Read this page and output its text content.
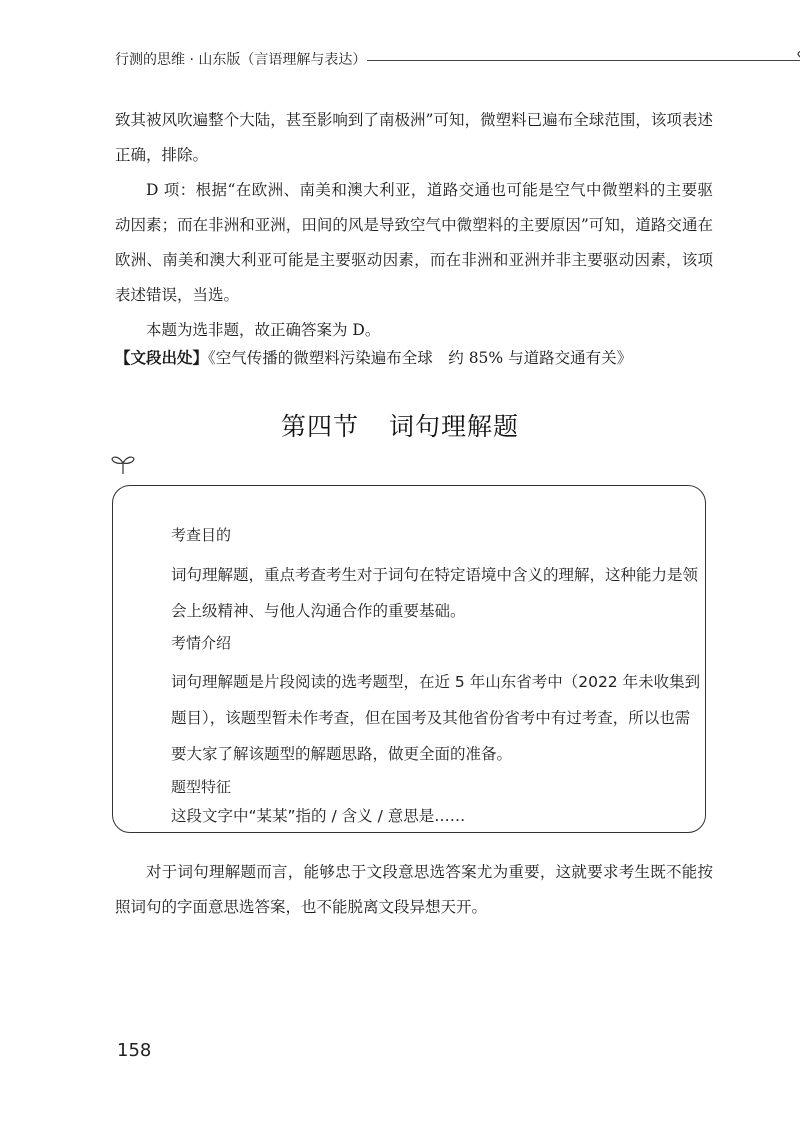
行测的思维 · 山东版（言语理解与表达）

致其被风吹遍整个大陆，甚至影响到了南极洲”可知，微塑料已遍布全球范围，该项表述正确，排除。

D 项：根据“在欧洲、南美和澳大利亚，道路交通也可能是空气中微塑料的主要驱动因素；而在非洲和亚洲，田间的风是导致空气中微塑料的主要原因”可知，道路交通在欧洲、南美和澳大利亚可能是主要驱动因素，而在非洲和亚洲并非主要驱动因素，该项表述错误，当选。

本题为选非题，故正确答案为 D。

【文段出处】《空气传播的微塑料污染遍布全球　约 85% 与道路交通有关》

第四节 词句理解题
考查目的
词句理解题，重点考查考生对于词句在特定语境中含义的理解，这种能力是领会上级精神、与他人沟通合作的重要基础。
考情介绍
词句理解题是片段阅读的选考题型，在近 5 年山东省考中（2022 年未收集到题目），该题型暂未作考查，但在国考及其他省份省考中有过考查，所以也需要大家了解该题型的解题思路，做更全面的准备。
题型特征
这段文字中“某某”指的 / 含义 / 意思是……

对于词句理解题而言，能够忠于文段意思选答案尤为重要，这就要求考生既不能按照词句的字面意思选答案，也不能脱离文段异想天开。

158
